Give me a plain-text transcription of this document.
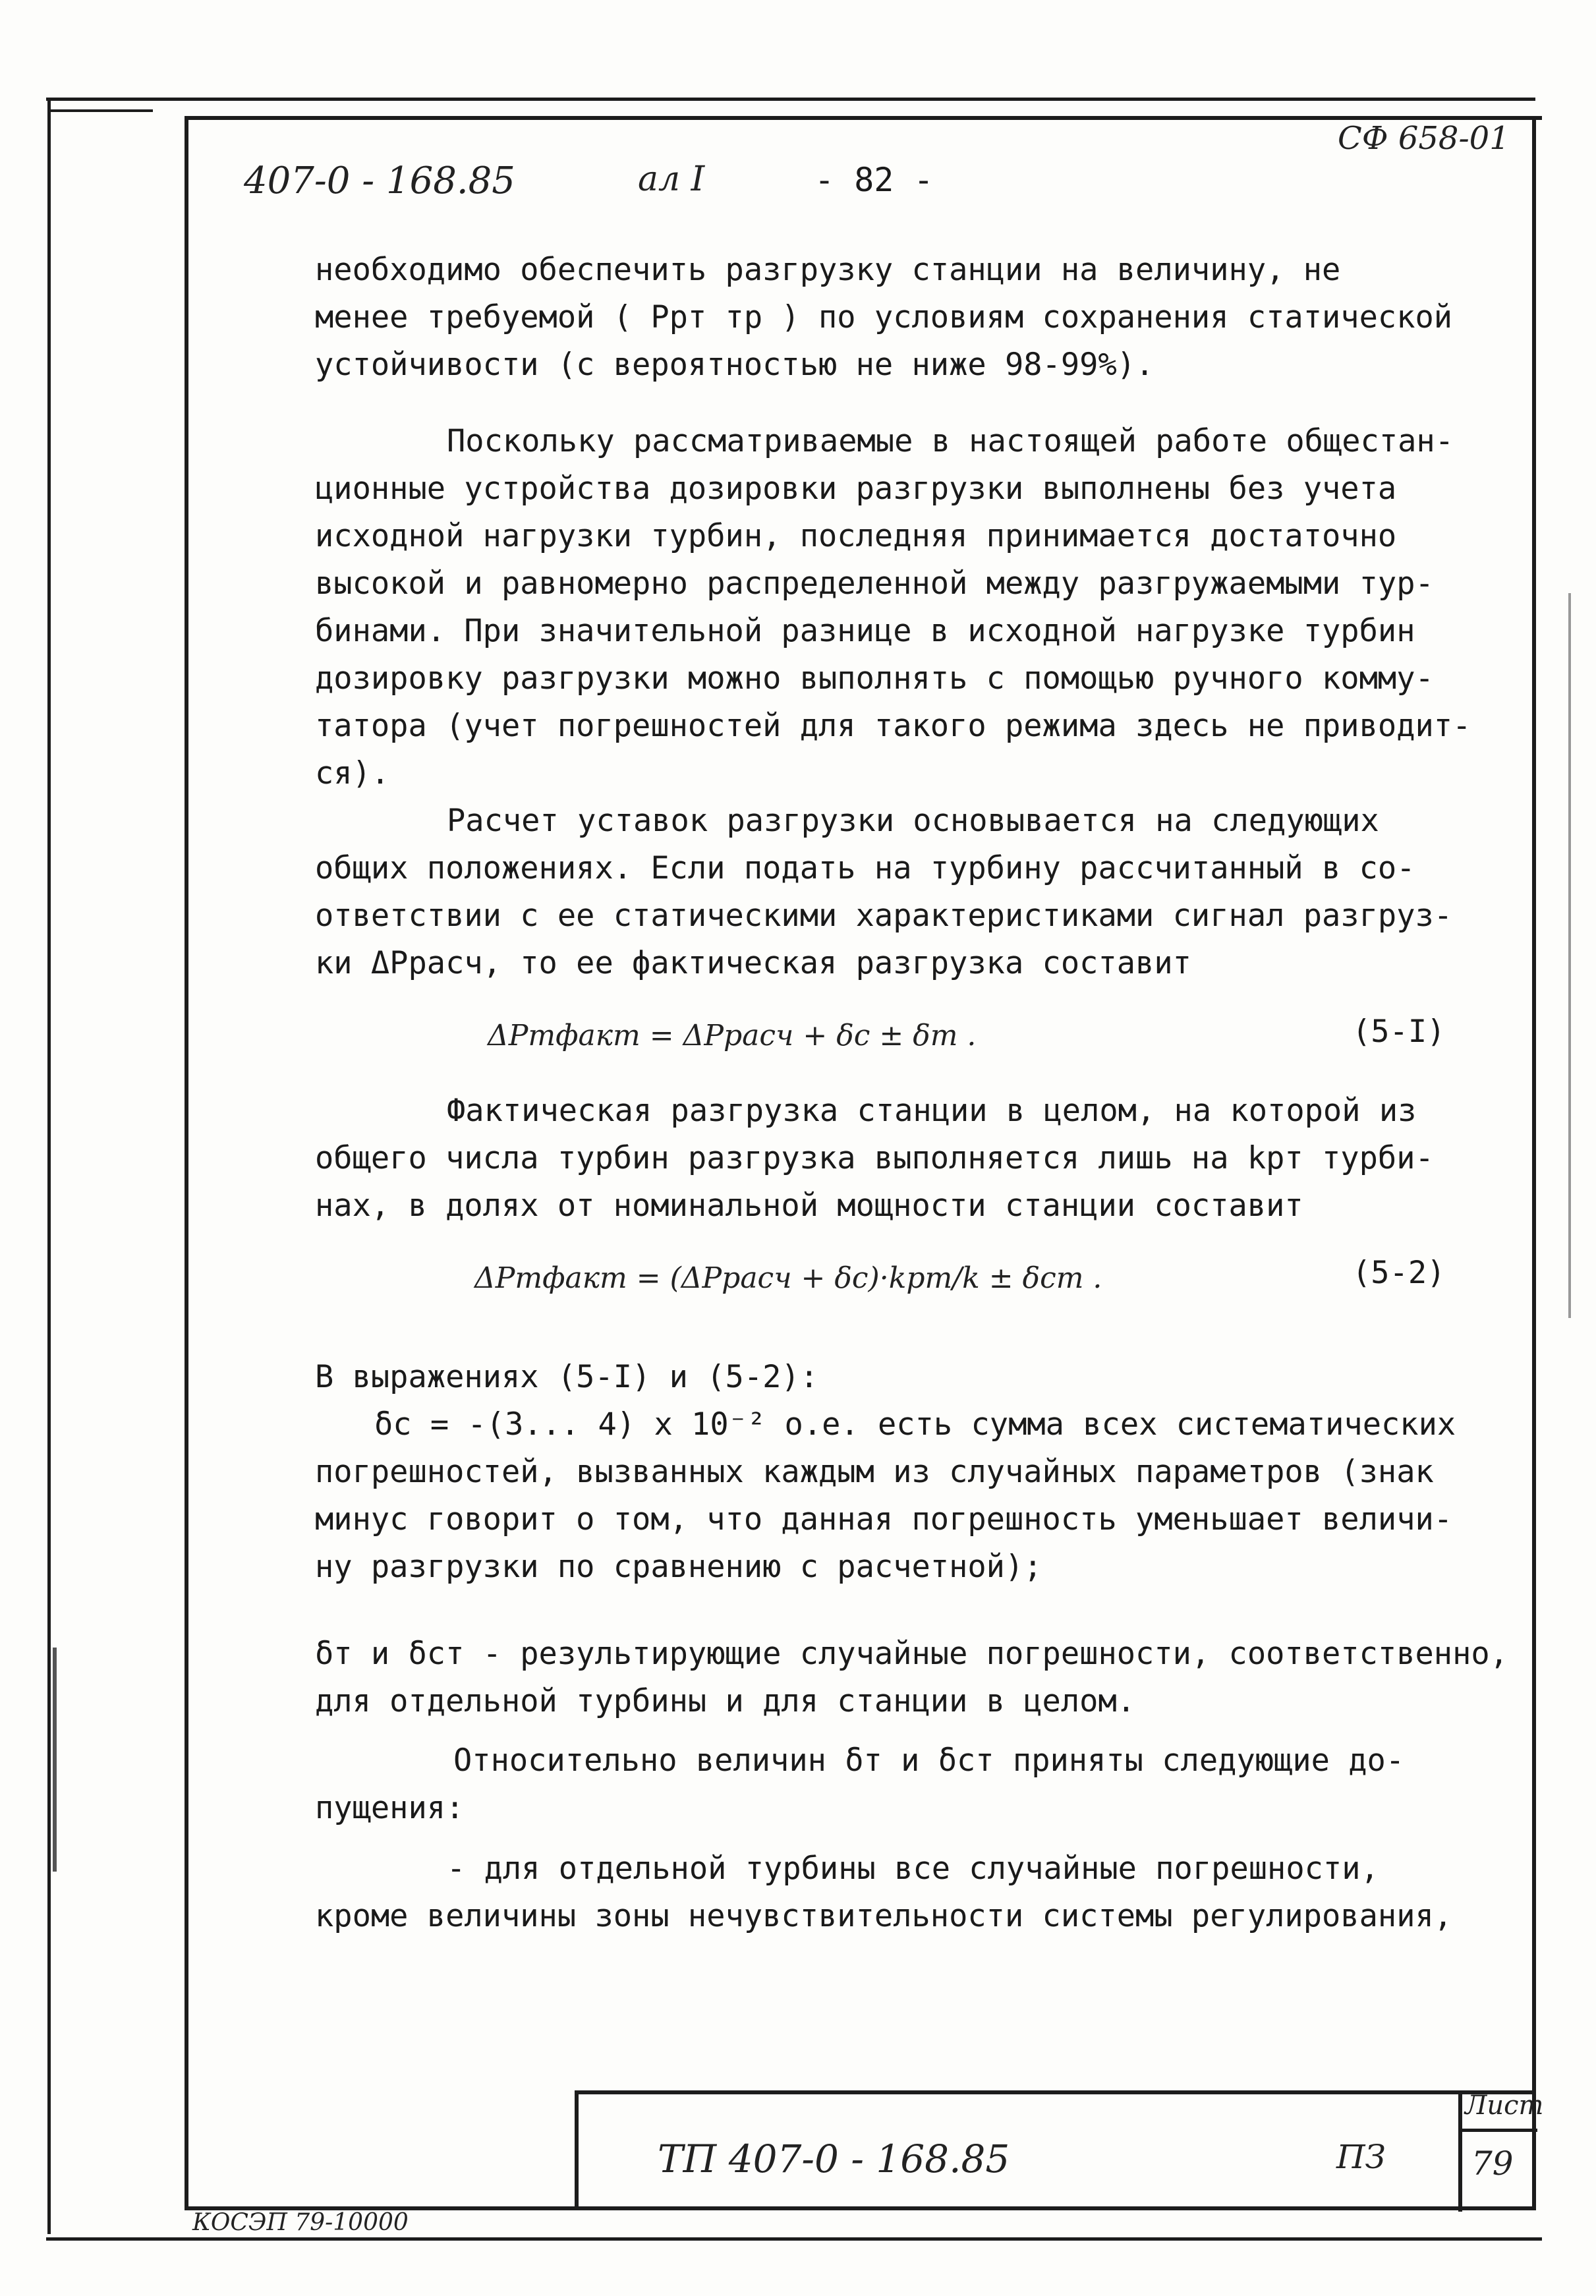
СФ 658-01
407-0 - 168.85	ал I	- 82 -
необходимо обеспечить разгрузку станции на величину, не
менее требуемой ( Pрт тр ) по условиям сохранения статической
устойчивости (с вероятностью не ниже 98-99%).
Поскольку рассматриваемые в настоящей работе общестан-
ционные устройства дозировки разгрузки выполнены без учета
исходной нагрузки турбин, последняя принимается достаточно
высокой и равномерно распределенной между разгружаемыми тур-
бинами. При значительной разнице в исходной нагрузке турбин
дозировку разгрузки можно выполнять с помощью ручного комму-
татора (учет погрешностей для такого режима здесь не приводит-
ся).
Расчет уставок разгрузки основывается на следующих
общих положениях. Если подать на турбину рассчитанный в со-
ответствии с ее статическими характеристиками сигнал разгруз-
ки ΔPрасч, то ее фактическая разгрузка составит
ΔPтфакт = ΔPрасч + δс ± δт .	(5-I)
Фактическая разгрузка станции в целом, на которой из
общего числа турбин разгрузка выполняется лишь на kрт турби-
нах, в долях от номинальной мощности станции составит
ΔPтфакт = (ΔPрасч + δс)·kрт/k ± δст .	(5-2)
В выражениях (5-I) и (5-2):
δс = -(3... 4) x 10⁻² о.е. есть сумма всех систематических
погрешностей, вызванных каждым из случайных параметров (знак
минус говорит о том, что данная погрешность уменьшает величи-
ну разгрузки по сравнению с расчетной);
δт и δст - результирующие случайные погрешности, соответственно,
для отдельной турбины и для станции в целом.
Относительно величин δт и δст приняты следующие до-
пущения:
- для отдельной турбины все случайные погрешности,
кроме величины зоны нечувствительности системы регулирования,
ТП 407-0 - 168.85	ПЗ
Лист
79
КОСЭП 79-10000
